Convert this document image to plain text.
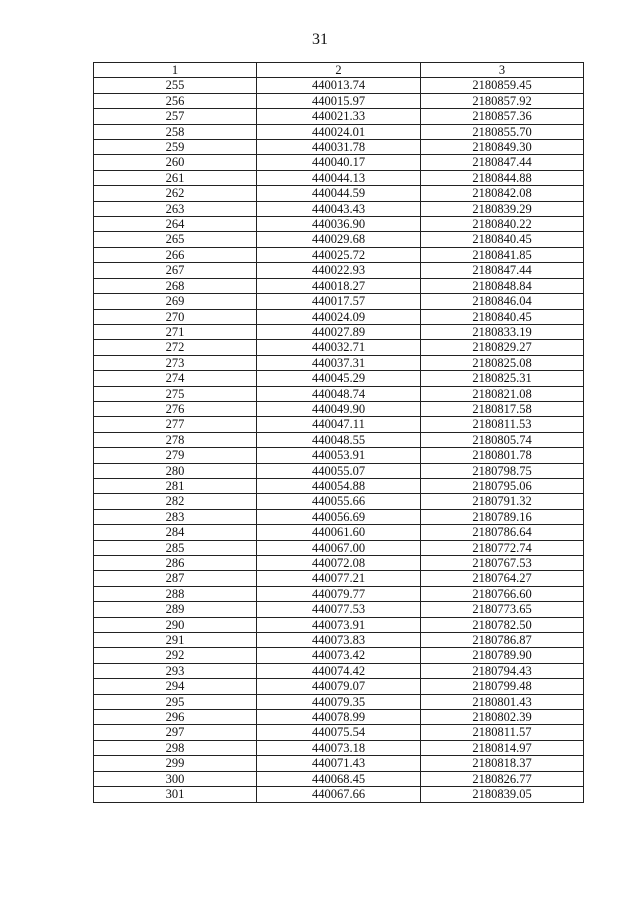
31
1	2	3
255	440013.74	2180859.45
256	440015.97	2180857.92
257	440021.33	2180857.36
258	440024.01	2180855.70
259	440031.78	2180849.30
260	440040.17	2180847.44
261	440044.13	2180844.88
262	440044.59	2180842.08
263	440043.43	2180839.29
264	440036.90	2180840.22
265	440029.68	2180840.45
266	440025.72	2180841.85
267	440022.93	2180847.44
268	440018.27	2180848.84
269	440017.57	2180846.04
270	440024.09	2180840.45
271	440027.89	2180833.19
272	440032.71	2180829.27
273	440037.31	2180825.08
274	440045.29	2180825.31
275	440048.74	2180821.08
276	440049.90	2180817.58
277	440047.11	2180811.53
278	440048.55	2180805.74
279	440053.91	2180801.78
280	440055.07	2180798.75
281	440054.88	2180795.06
282	440055.66	2180791.32
283	440056.69	2180789.16
284	440061.60	2180786.64
285	440067.00	2180772.74
286	440072.08	2180767.53
287	440077.21	2180764.27
288	440079.77	2180766.60
289	440077.53	2180773.65
290	440073.91	2180782.50
291	440073.83	2180786.87
292	440073.42	2180789.90
293	440074.42	2180794.43
294	440079.07	2180799.48
295	440079.35	2180801.43
296	440078.99	2180802.39
297	440075.54	2180811.57
298	440073.18	2180814.97
299	440071.43	2180818.37
300	440068.45	2180826.77
301	440067.66	2180839.05
